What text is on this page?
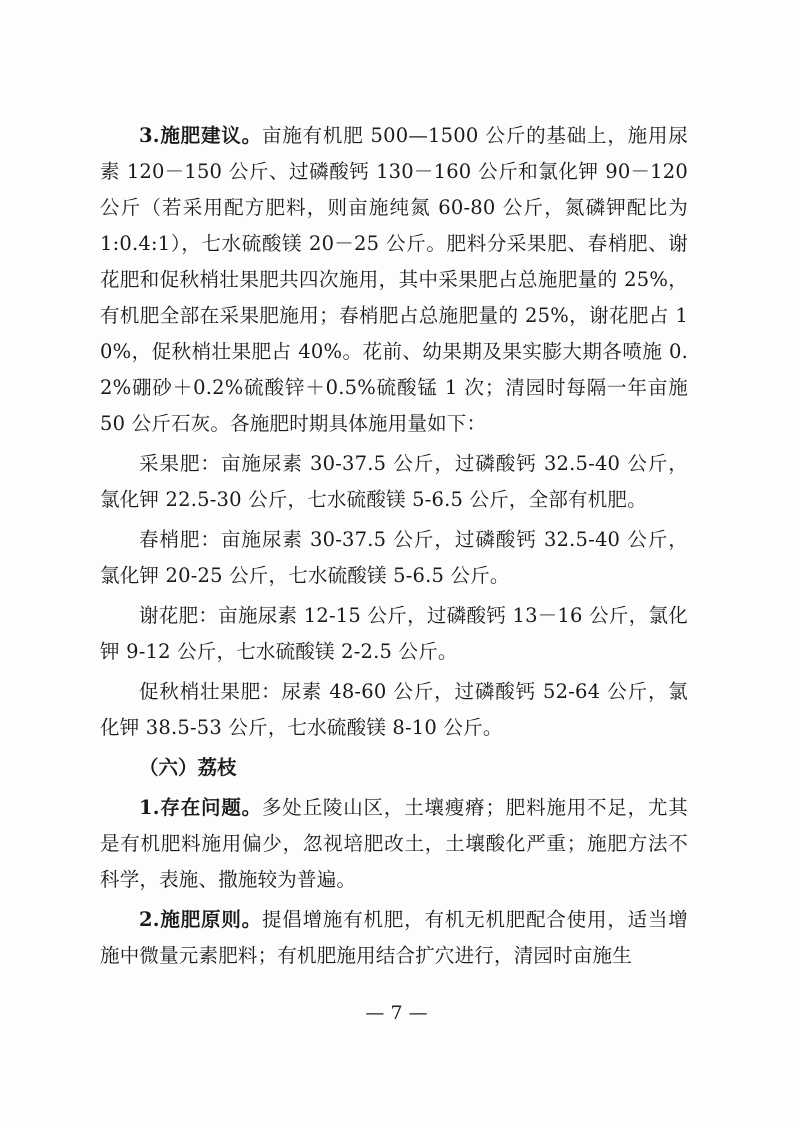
3.施肥建议。亩施有机肥 500—1500 公斤的基础上，施用尿素 120－150 公斤、过磷酸钙 130－160 公斤和氯化钾 90－120 公斤（若采用配方肥料，则亩施纯氮 60-80 公斤，氮磷钾配比为 1:0.4:1），七水硫酸镁 20－25 公斤。肥料分采果肥、春梢肥、谢花肥和促秋梢壮果肥共四次施用，其中采果肥占总施肥量的 25%，有机肥全部在采果肥施用；春梢肥占总施肥量的 25%，谢花肥占 10%，促秋梢壮果肥占 40%。花前、幼果期及果实膨大期各喷施 0.2%硼砂＋0.2%硫酸锌＋0.5%硫酸锰 1 次；清园时每隔一年亩施 50 公斤石灰。各施肥时期具体施用量如下：

采果肥：亩施尿素 30-37.5 公斤，过磷酸钙 32.5-40 公斤，氯化钾 22.5-30 公斤，七水硫酸镁 5-6.5 公斤，全部有机肥。

春梢肥：亩施尿素 30-37.5 公斤，过磷酸钙 32.5-40 公斤，氯化钾 20-25 公斤，七水硫酸镁 5-6.5 公斤。

谢花肥：亩施尿素 12-15 公斤，过磷酸钙 13－16 公斤，氯化钾 9-12 公斤，七水硫酸镁 2-2.5 公斤。

促秋梢壮果肥：尿素 48-60 公斤，过磷酸钙 52-64 公斤，氯化钾 38.5-53 公斤，七水硫酸镁 8-10 公斤。

（六）荔枝

1.存在问题。多处丘陵山区，土壤瘦瘠；肥料施用不足，尤其是有机肥料施用偏少，忽视培肥改土，土壤酸化严重；施肥方法不科学，表施、撒施较为普遍。

2.施肥原则。提倡增施有机肥，有机无机肥配合使用，适当增施中微量元素肥料；有机肥施用结合扩穴进行，清园时亩施生

— 7 —
